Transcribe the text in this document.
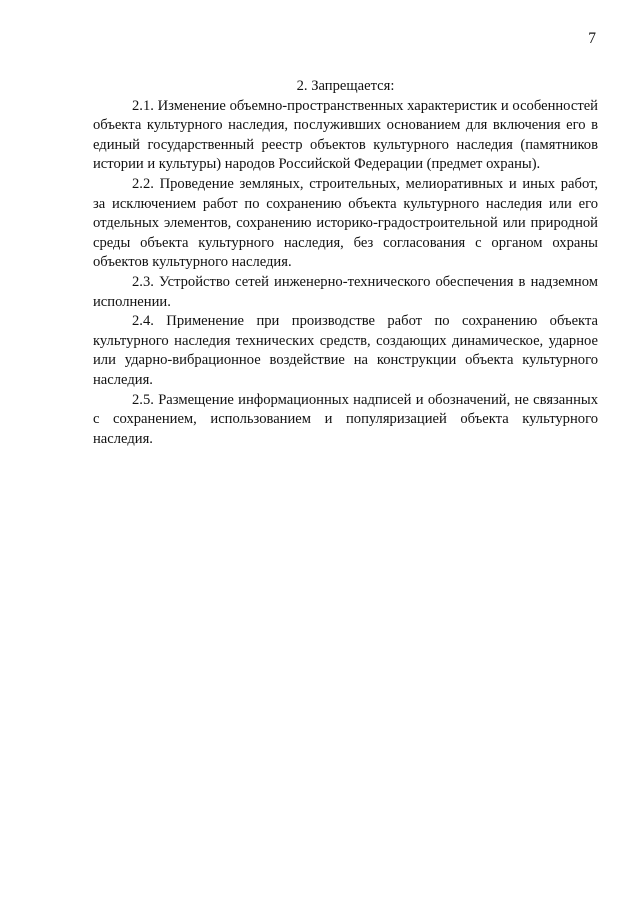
7

2. Запрещается:

2.1. Изменение объемно-пространственных характеристик и особенностей объекта культурного наследия, послуживших основанием для включения его в единый государственный реестр объектов культурного наследия (памятников истории и культуры) народов Российской Федерации (предмет охраны).

2.2. Проведение земляных, строительных, мелиоративных и иных работ, за исключением работ по сохранению объекта культурного наследия или его отдельных элементов, сохранению историко-градостроительной или природной среды объекта культурного наследия, без согласования с органом охраны объектов культурного наследия.

2.3. Устройство сетей инженерно-технического обеспечения в надземном исполнении.

2.4. Применение при производстве работ по сохранению объекта культурного наследия технических средств, создающих динамическое, ударное или ударно-вибрационное воздействие на конструкции объекта культурного наследия.

2.5. Размещение информационных надписей и обозначений, не связанных с сохранением, использованием и популяризацией объекта культурного наследия.
